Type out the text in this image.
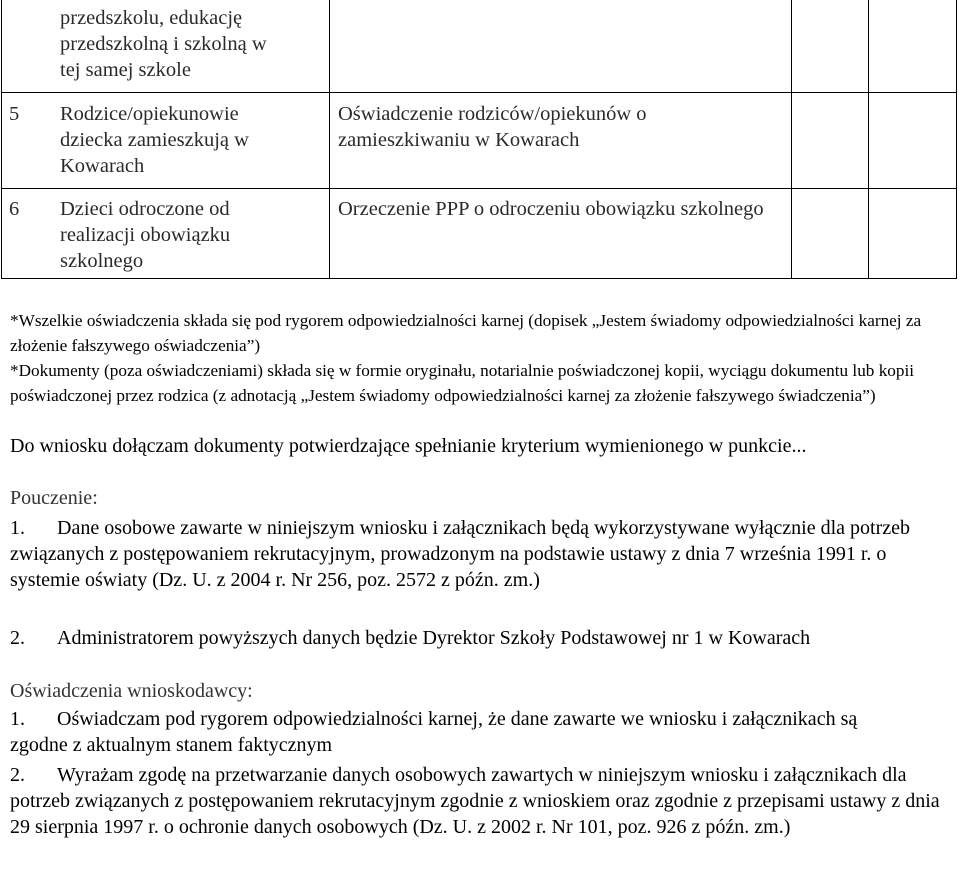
przedszkolu, edukację przedszkolną i szkolną w tej samej szkole

5 Rodzice/opiekunowie dziecka zamieszkują w Kowarach

Oświadczenie rodziców/opiekunów o zamieszkiwaniu w Kowarach

6 Dzieci odroczone od realizacji obowiązku szkolnego

Orzeczenie PPP o odroczeniu obowiązku szkolnego

*Wszelkie oświadczenia składa się pod rygorem odpowiedzialności karnej (dopisek „Jestem świadomy odpowiedzialności karnej za złożenie fałszywego oświadczenia”)

*Dokumenty (poza oświadczeniami) składa się w formie oryginału, notarialnie poświadczonej kopii, wyciągu dokumentu lub kopii poświadczonej przez rodzica (z adnotacją „Jestem świadomy odpowiedzialności karnej za złożenie fałszywego świadczenia”)

Do wniosku dołączam dokumenty potwierdzające spełnianie kryterium wymienionego w punkcie...

Pouczenie:

1. Dane osobowe zawarte w niniejszym wniosku i załącznikach będą wykorzystywane wyłącznie dla potrzeb związanych z postępowaniem rekrutacyjnym, prowadzonym na podstawie ustawy z dnia 7 września 1991 r. o systemie oświaty (Dz. U. z 2004 r. Nr 256, poz. 2572 z późn. zm.)

2. Administratorem powyższych danych będzie Dyrektor Szkoły Podstawowej nr 1 w Kowarach

Oświadczenia wnioskodawcy:

1. Oświadczam pod rygorem odpowiedzialności karnej, że dane zawarte we wniosku i załącznikach są zgodne z aktualnym stanem faktycznym

2. Wyrażam zgodę na przetwarzanie danych osobowych zawartych w niniejszym wniosku i załącznikach dla potrzeb związanych z postępowaniem rekrutacyjnym zgodnie z wnioskiem oraz zgodnie z przepisami ustawy z dnia 29 sierpnia 1997 r. o ochronie danych osobowych (Dz. U. z 2002 r. Nr 101, poz. 926 z późn. zm.)
